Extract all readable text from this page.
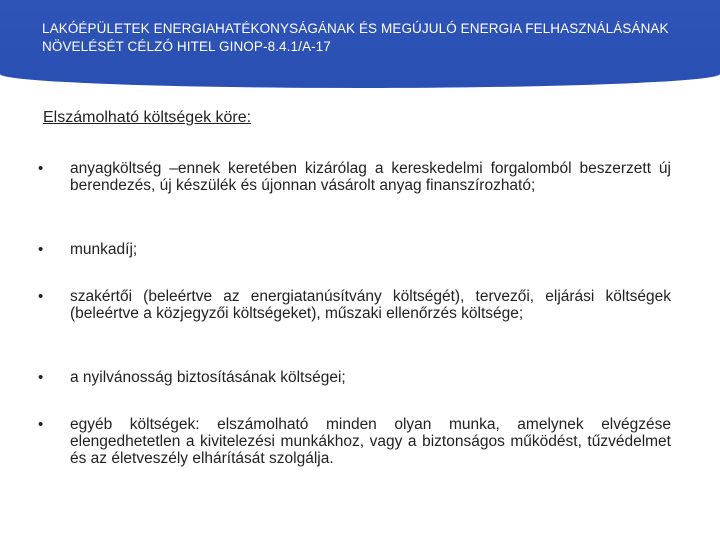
LAKÓÉPÜLETEK ENERGIAHATÉKONYSÁGÁNAK ÉS MEGÚJULÓ ENERGIA FELHASZNÁLÁSÁNAK NÖVELÉSÉT CÉLZÓ HITEL GINOP-8.4.1/A-17
Elszámolható költségek köre:
• anyagköltség –ennek keretében kizárólag a kereskedelmi forgalomból beszerzett új berendezés, új készülék és újonnan vásárolt anyag finanszírozható;
• munkadíj;
• szakértői (beleértve az energiatanúsítvány költségét), tervezői, eljárási költségek (beleértve a közjegyzői költségeket), műszaki ellenőrzés költsége;
• a nyilvánosság biztosításának költségei;
• egyéb költségek: elszámolható minden olyan munka, amelynek elvégzése elengedhetetlen a kivitelezési munkákhoz, vagy a biztonságos működést, tűzvédelmet és az életveszély elhárítását szolgálja.
